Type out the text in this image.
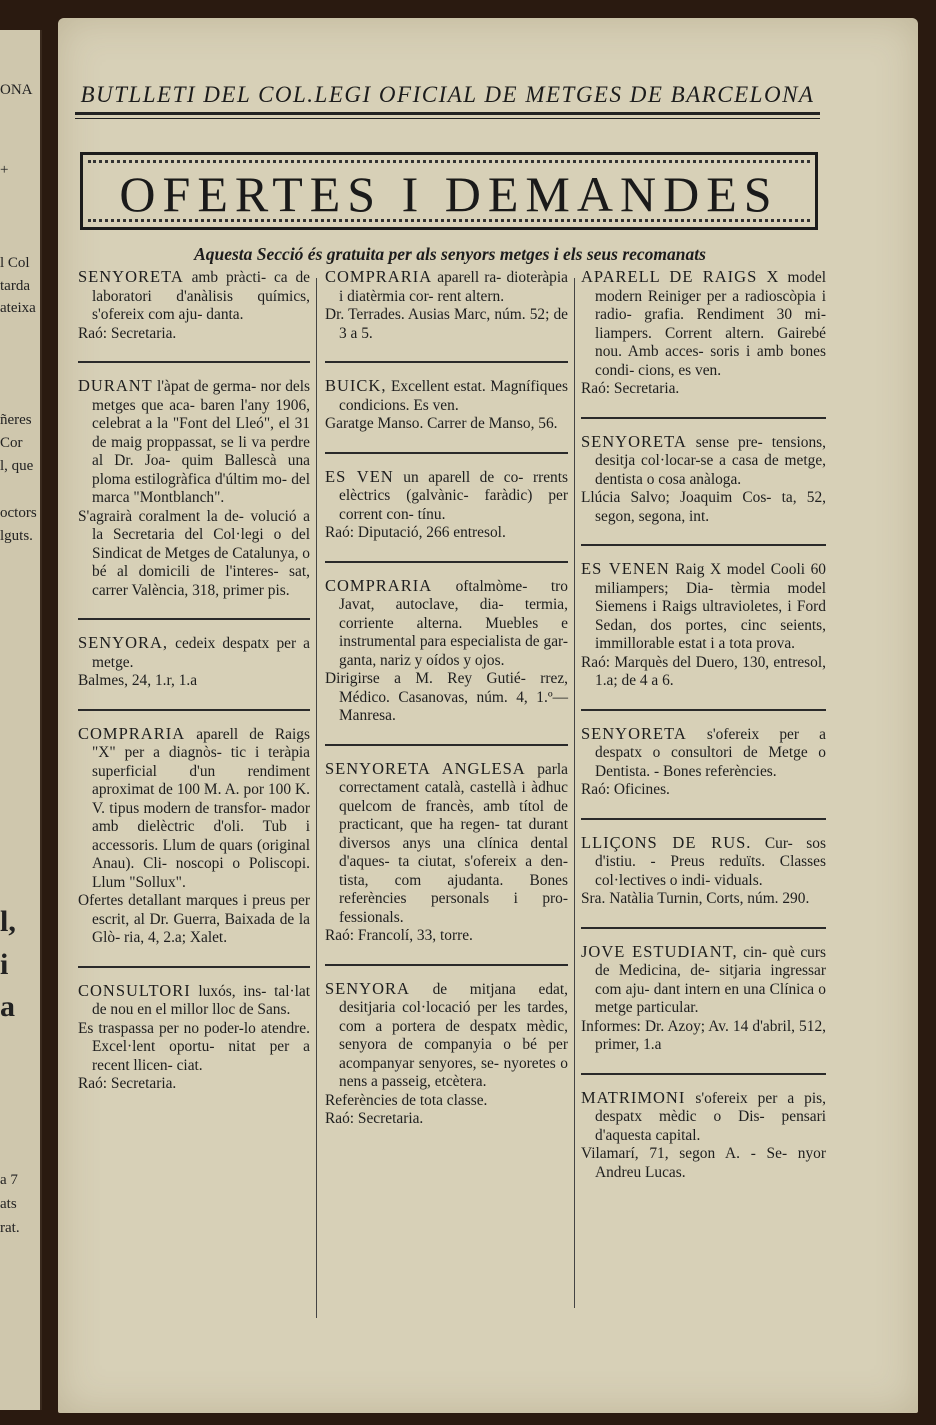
ONA
+
l Col
tarda
ateixa
ñeres
Cor
l, que
octors
lguts.
l,
i
a
a 7
ats
rat.
BUTLLETI DEL COL.LEGI OFICIAL DE METGES DE BARCELONA
OFERTES I DEMANDES
Aquesta Secció és gratuita per als senyors metges i els seus recomanats

SENYORETA amb pràcti- ca de laboratori d'anàlisis químics, s'ofereix com aju- danta.

Raó: Secretaria.

DURANT l'àpat de germa- nor dels metges que aca- baren l'any 1906, celebrat a la "Font del Lleó", el 31 de maig proppassat, se li va perdre al Dr. Joa- quim Ballescà una ploma estilogràfica d'últim mo- del marca "Montblanch".

S'agrairà coralment la de- volució a la Secretaria del Col·legi o del Sindicat de Metges de Catalunya, o bé al domicili de l'interes- sat, carrer València, 318, primer pis.

SENYORA, cedeix despatx per a metge.

Balmes, 24, 1.r, 1.a

COMPRARIA aparell de Raigs "X" per a diagnòs- tic i teràpia superficial d'un rendiment aproximat de 100 M. A. por 100 K. V. tipus modern de transfor- mador amb dielèctric d'oli. Tub i accessoris. Llum de quars (original Anau). Cli- noscopi o Poliscopi. Llum "Sollux".

Ofertes detallant marques i preus per escrit, al Dr. Guerra, Baixada de la Glò- ria, 4, 2.a; Xalet.

CONSULTORI luxós, ins- tal·lat de nou en el millor lloc de Sans.

Es traspassa per no poder-lo atendre. Excel·lent oportu- nitat per a recent llicen- ciat.

Raó: Secretaria.

COMPRARIA aparell ra- dioteràpia i diatèrmia cor- rent altern.

Dr. Terrades. Ausias Marc, núm. 52; de 3 a 5.

BUICK, Excellent estat. Magnífiques condicions. Es ven.

Garatge Manso. Carrer de Manso, 56.

ES VEN un aparell de co- rrents elèctrics (galvànic- faràdic) per corrent con- tínu.

Raó: Diputació, 266 entresol.

COMPRARIA oftalmòme- tro Javat, autoclave, dia- termia, corriente alterna. Muebles e instrumental para especialista de gar- ganta, nariz y oídos y ojos.

Dirigirse a M. Rey Gutié- rrez, Médico. Casanovas, núm. 4, 1.º—Manresa.

SENYORETA ANGLESA parla correctament català, castellà i àdhuc quelcom de francès, amb títol de practicant, que ha regen- tat durant diversos anys una clínica dental d'aques- ta ciutat, s'ofereix a den- tista, com ajudanta. Bones referències personals i pro- fessionals.

Raó: Francolí, 33, torre.

SENYORA de mitjana edat, desitjaria col·locació per les tardes, com a portera de despatx mèdic, senyora de companyia o bé per acompanyar senyores, se- nyoretes o nens a passeig, etcètera.

Referències de tota classe.

Raó: Secretaria.

APARELL DE RAIGS X model modern Reiniger per a radioscòpia i radio- grafia. Rendiment 30 mi- liampers. Corrent altern. Gairebé nou. Amb acces- soris i amb bones condi- cions, es ven.

Raó: Secretaria.

SENYORETA sense pre- tensions, desitja col·locar-se a casa de metge, dentista o cosa anàloga.

Llúcia Salvo; Joaquim Cos- ta, 52, segon, segona, int.

ES VENEN Raig X model Cooli 60 miliampers; Dia- tèrmia model Siemens i Raigs ultravioletes, i Ford Sedan, dos portes, cinc seients, immillorable estat i a tota prova.

Raó: Marquès del Duero, 130, entresol, 1.a; de 4 a 6.

SENYORETA s'ofereix per a despatx o consultori de Metge o Dentista. - Bones referències.

Raó: Oficines.

LLIÇONS DE RUS. Cur- sos d'istiu. - Preus reduïts. Classes col·lectives o indi- viduals.

Sra. Natàlia Turnin, Corts, núm. 290.

JOVE ESTUDIANT, cin- què curs de Medicina, de- sitjaria ingressar com aju- dant intern en una Clínica o metge particular.

Informes: Dr. Azoy; Av. 14 d'abril, 512, primer, 1.a

MATRIMONI s'ofereix per a pis, despatx mèdic o Dis- pensari d'aquesta capital.

Vilamarí, 71, segon A. - Se- nyor Andreu Lucas.
